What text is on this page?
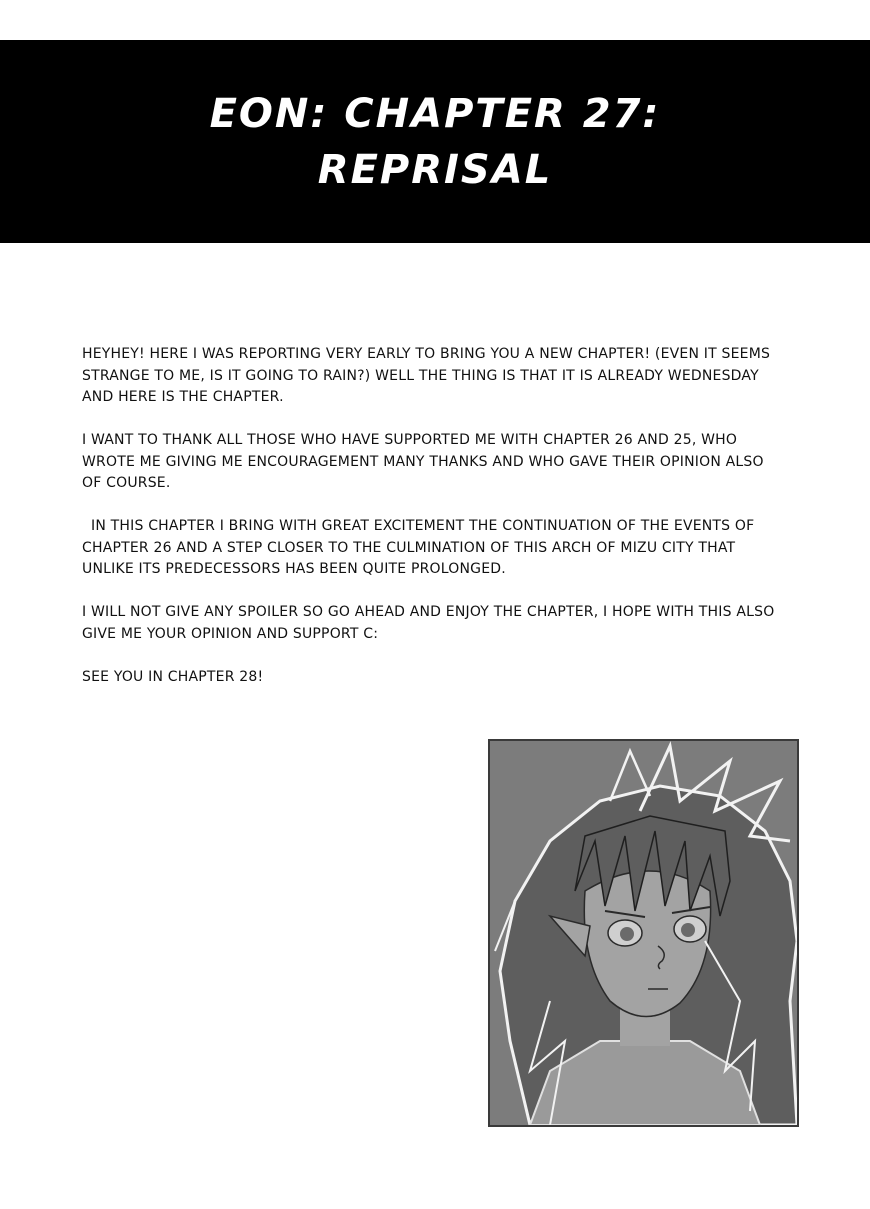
EON: CHAPTER 27:
REPRISAL

HEYHEY! HERE I WAS REPORTING VERY EARLY TO BRING YOU A NEW CHAPTER! (EVEN IT SEEMS STRANGE TO ME, IS IT GOING TO RAIN?) WELL THE THING IS THAT IT IS ALREADY WEDNESDAY AND HERE IS THE CHAPTER.

I WANT TO THANK ALL THOSE WHO HAVE SUPPORTED ME WITH CHAPTER 26 AND 25, WHO WROTE ME GIVING ME ENCOURAGEMENT MANY THANKS AND WHO GAVE THEIR OPINION ALSO OF COURSE.

IN THIS CHAPTER I BRING WITH GREAT EXCITEMENT THE CONTINUATION OF THE EVENTS OF CHAPTER 26 AND A STEP CLOSER TO THE CULMINATION OF THIS ARCH OF MIZU CITY THAT UNLIKE ITS PREDECESSORS HAS BEEN QUITE PROLONGED.

I WILL NOT GIVE ANY SPOILER SO GO AHEAD AND ENJOY THE CHAPTER, I HOPE WITH THIS ALSO GIVE ME YOUR OPINION AND SUPPORT C:

SEE YOU IN CHAPTER 28!
